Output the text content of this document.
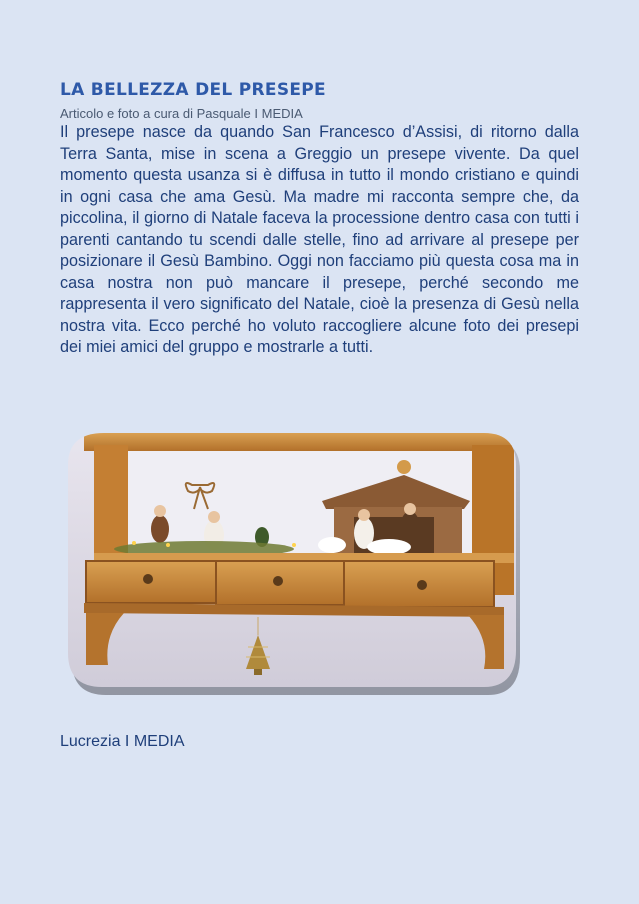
LA BELLEZZA DEL PRESEPE

Articolo e foto a cura di Pasquale I MEDIA

Il presepe nasce da quando San Francesco d’Assisi, di ritorno dalla Terra Santa, mise in scena a Greggio un presepe vivente. Da quel momento questa usanza si è diffusa in tutto il mondo cristiano e quindi in ogni casa che ama Gesù. Ma madre mi racconta sempre che, da piccolina, il giorno di Natale faceva la processione dentro casa con tutti i parenti cantando tu scendi dalle stelle, fino ad arrivare al presepe per posizionare il Gesù Bambino. Oggi non facciamo più questa cosa ma in casa nostra non può mancare il presepe, perché secondo me rappresenta il vero significato del Natale, cioè la presenza di Gesù nella nostra vita. Ecco perché ho voluto raccogliere alcune foto dei presepi dei miei amici del gruppo e mostrarle a tutti.

Lucrezia I MEDIA
